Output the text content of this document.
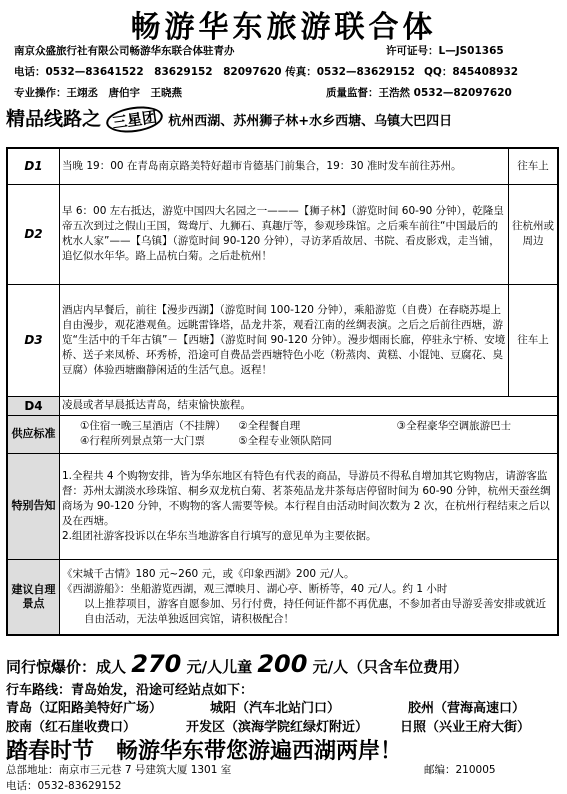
畅游华东旅游联合体
南京众盛旅行社有限公司畅游华东联合体驻青办	许可证号：L—JS01365
电话：0532—83641522　83629152　82097620 传真：0532—83629152 QQ：845408932
专业操作：王翊丞　唐伯宇　王晓燕	质量监督：王浩然 0532—82097620
精品线路之 三星团 杭州西湖、苏州狮子林+水乡西塘、乌镇大巴四日
D1	当晚 19：00 在青岛南京路美特好超市肯德基门前集合，19：30 准时发车前往苏州。	往车上
D2	早 6：00 左右抵达，游览中国四大名园之一———【狮子林】（游览时间 60-90 分钟），乾隆皇帝五次到过之假山王国，鸳鸯厅、九狮石、真趣厅等，参观珍珠馆。之后乘车前往“中国最后的枕水人家”——【乌镇】（游览时间 90-120 分钟），寻访茅盾故居、书院、看皮影戏，走当铺，追忆似水年华。路上品杭白菊。之后赴杭州！	往杭州或周边
D3	酒店内早餐后，前往【漫步西湖】（游览时间 100-120 分钟），乘船游览（自费）在春晓苏堤上自由漫步，观花港观鱼。远眺雷锋塔，品龙井茶，观看江南的丝绸表演。之后之后前往西塘，游览“生活中的千年古镇”－【西塘】（游览时间 90-120 分钟）。漫步烟雨长廊，停驻永宁桥、安境桥、送子来凤桥、环秀桥，沿途可自费品尝西塘特色小吃（粉蒸肉、黄糕、小馄饨、豆腐花、臭豆腐）体验西塘幽静闲适的生活气息。返程！	往车上
D4	凌晨或者早晨抵达青岛，结束愉快旅程。	
供应标准	①住宿一晚三星酒店（不挂牌） ②全程餐自理 ③全程豪华空调旅游巴士
④行程所列景点第一大门票 ⑤全程专业领队陪同	

特别告知	1.全程共 4 个购物安排，皆为华东地区有特色有代表的商品，导游员不得私自增加其它购物店，请游客监督：苏州太湖淡水珍珠馆、桐乡双龙杭白菊、茗茶苑品龙井茶每店停留时间为 60-90 分钟，杭州天蚕丝绸商场为 90-120 分钟，不购物的客人需要等候。本行程自由活动时间次数为 2 次，在杭州行程结束之后以及在西塘。
2.组团社游客投诉以在华东当地游客自行填写的意见单为主要依据。	

建议自理景点	《宋城千古情》180 元~260 元，或《印象西湖》200 元/人。
《西湖游船》：坐船游览西湖，观三潭映月、湖心亭、断桥等，40 元/人。约 1 小时
以上推荐项目，游客自愿参加、另行付费，持任何证件都不再优惠，不参加者由导游妥善安排或就近自由活动，无法单独返回宾馆，请积极配合！	
同行惊爆价：成人 270 元/人儿童 200 元/人（只含车位费用）
行车路线：青岛始发，沿途可经站点如下：
青岛（辽阳路美特好广场）	城阳（汽车北站门口）	胶州（营海高速口）
胶南（红石崖收费口）	开发区（滨海学院红绿灯附近） 日照（兴业王府大街）
踏春时节　畅游华东带您游遍西湖两岸！
总部地址：南京市三元巷 7 号建筑大厦 1301 室	邮编：210005
电话：0532-83629152
